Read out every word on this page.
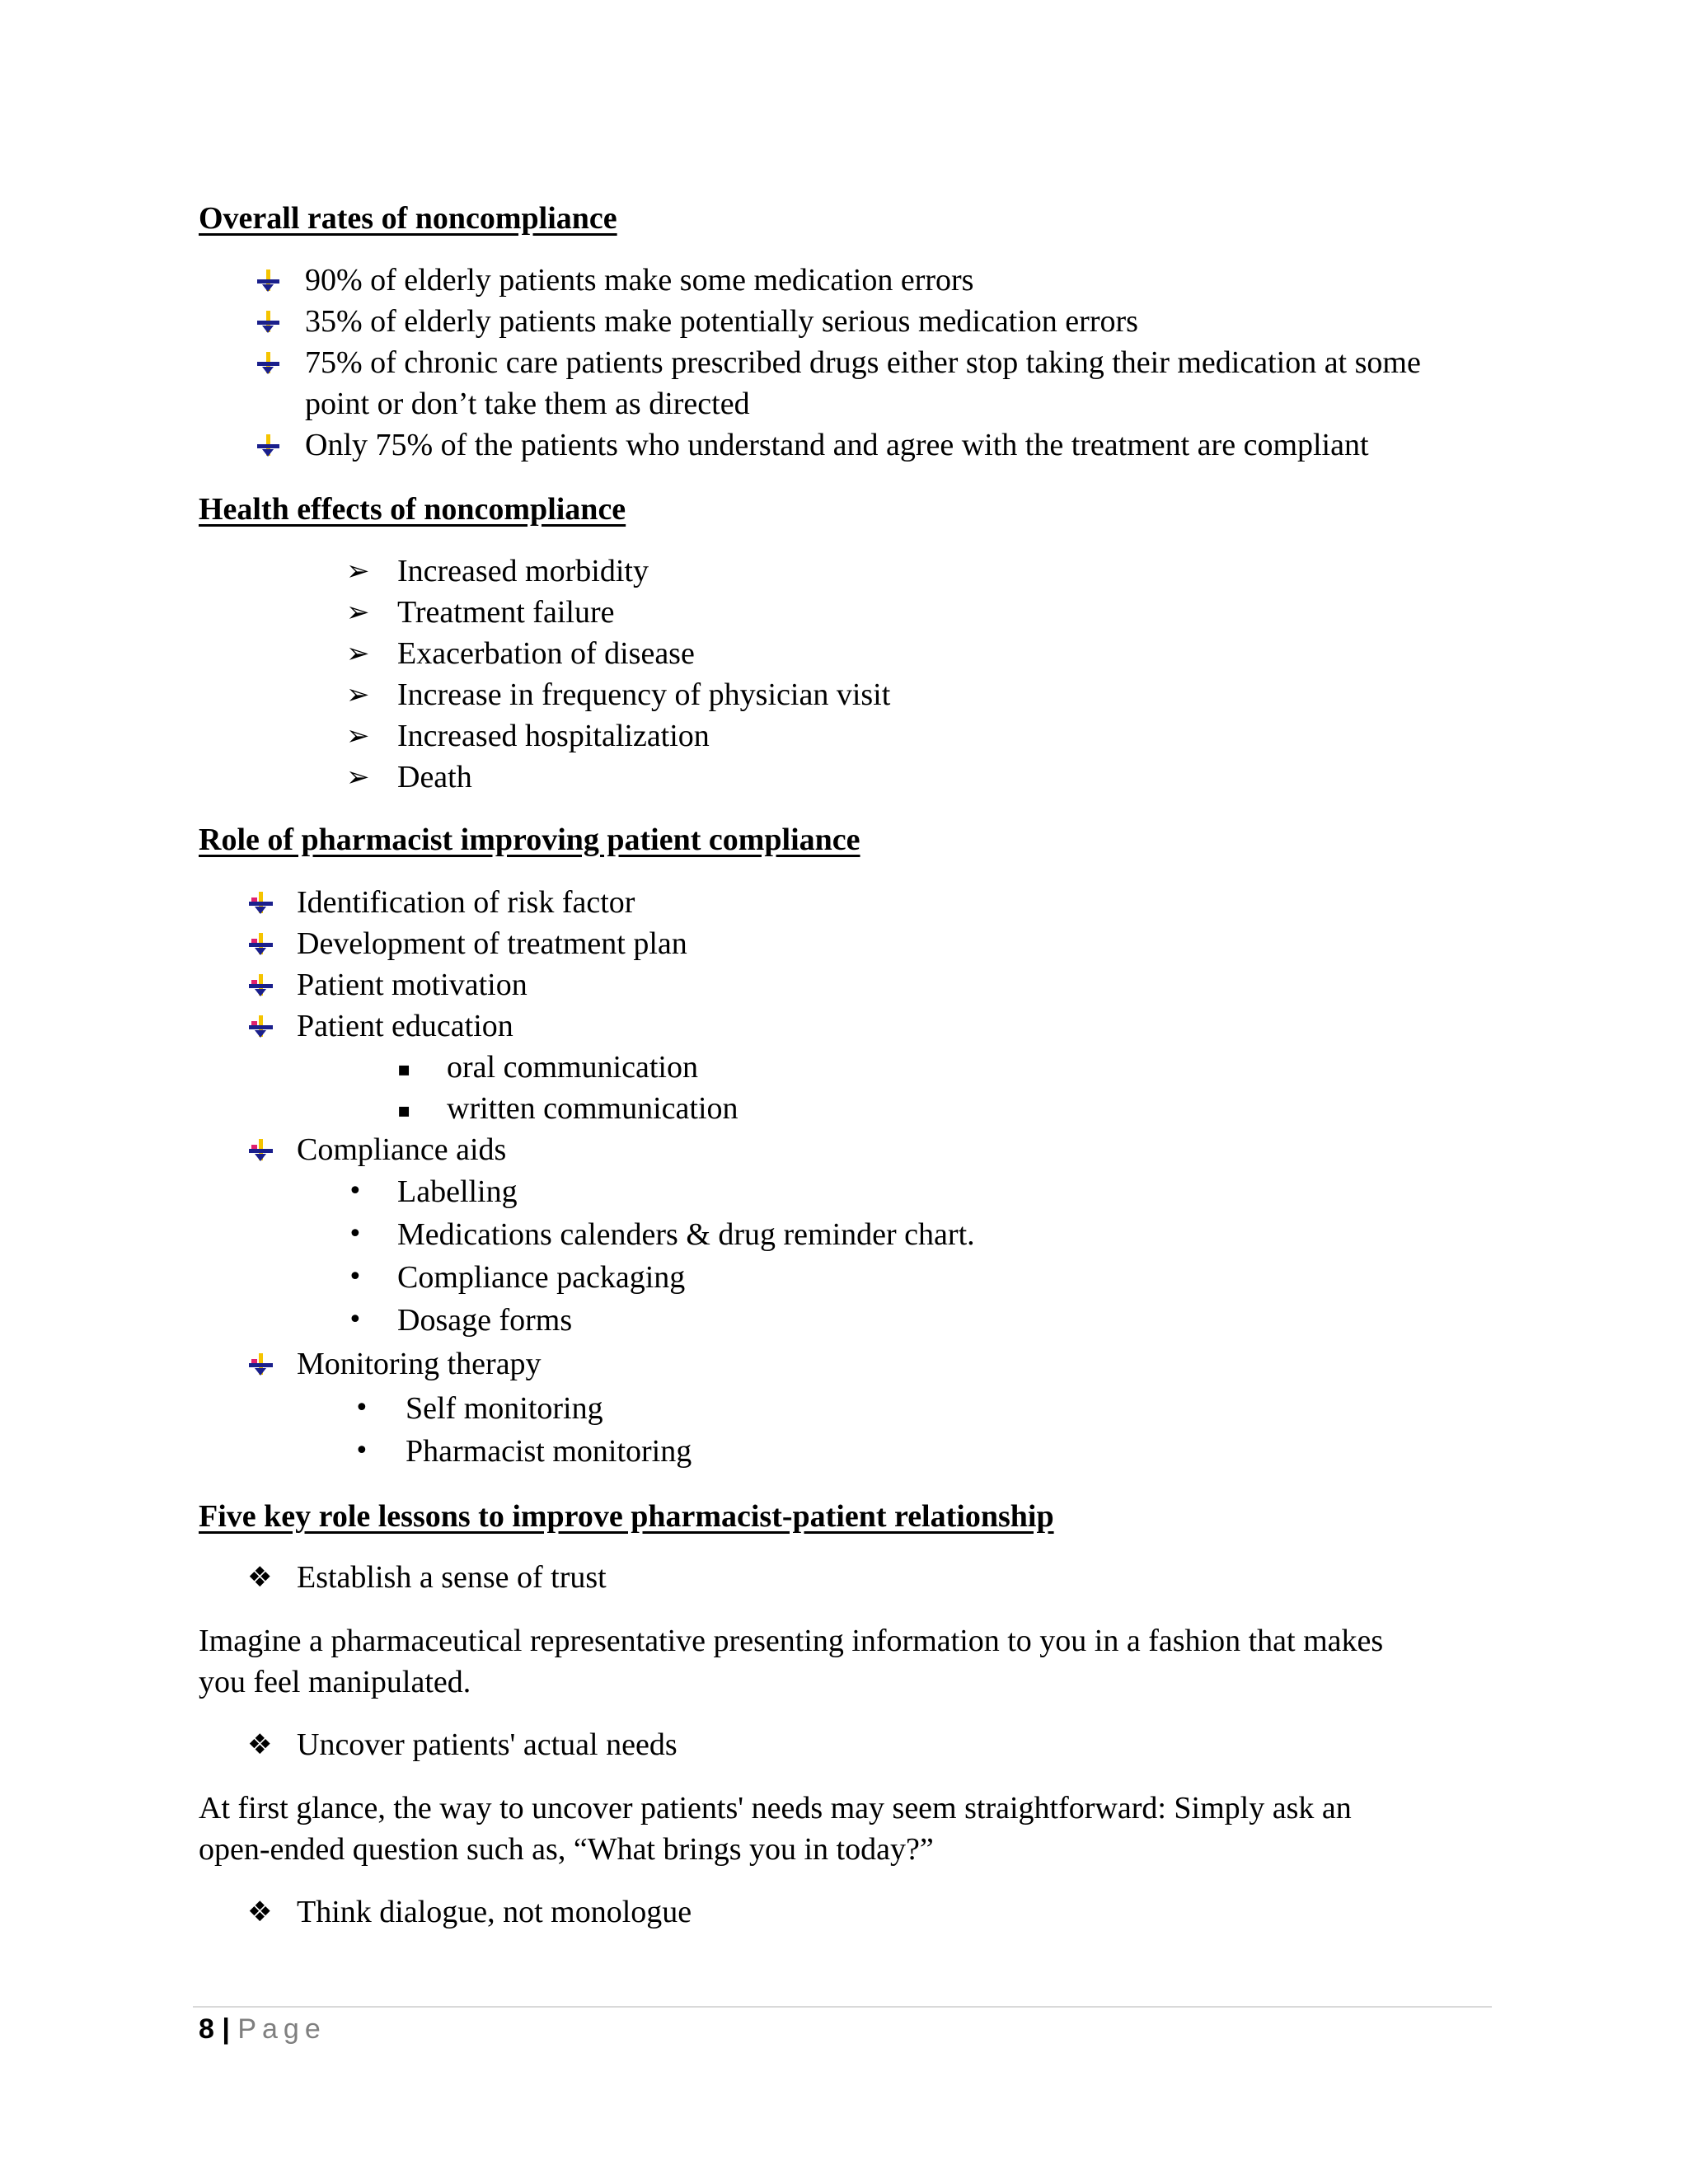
Overall rates of noncompliance
90% of elderly patients make some medication errors
35% of elderly patients make potentially serious medication errors
75% of chronic care patients prescribed drugs either stop taking their medication at some
point or don’t take them as directed
Only 75% of the patients who understand and agree with the treatment are compliant
Health effects of noncompliance
➢ Increased morbidity
➢ Treatment failure
➢ Exacerbation of disease
➢ Increase in frequency of physician visit
➢ Increased hospitalization
➢ Death
Role of pharmacist improving patient compliance
Identification of risk factor
Development of treatment plan
Patient motivation
Patient education
▪ oral communication
▪ written communication
Compliance aids
• Labelling
• Medications calenders & drug reminder chart.
• Compliance packaging
• Dosage forms
Monitoring therapy
• Self monitoring
• Pharmacist monitoring
Five key role lessons to improve pharmacist-patient relationship
❖ Establish a sense of trust

Imagine a pharmaceutical representative presenting information to you in a fashion that makes
you feel manipulated.

❖ Uncover patients' actual needs

At first glance, the way to uncover patients' needs may seem straightforward: Simply ask an
open-ended question such as, “What brings you in today?”

❖ Think dialogue, not monologue
8 | Page
